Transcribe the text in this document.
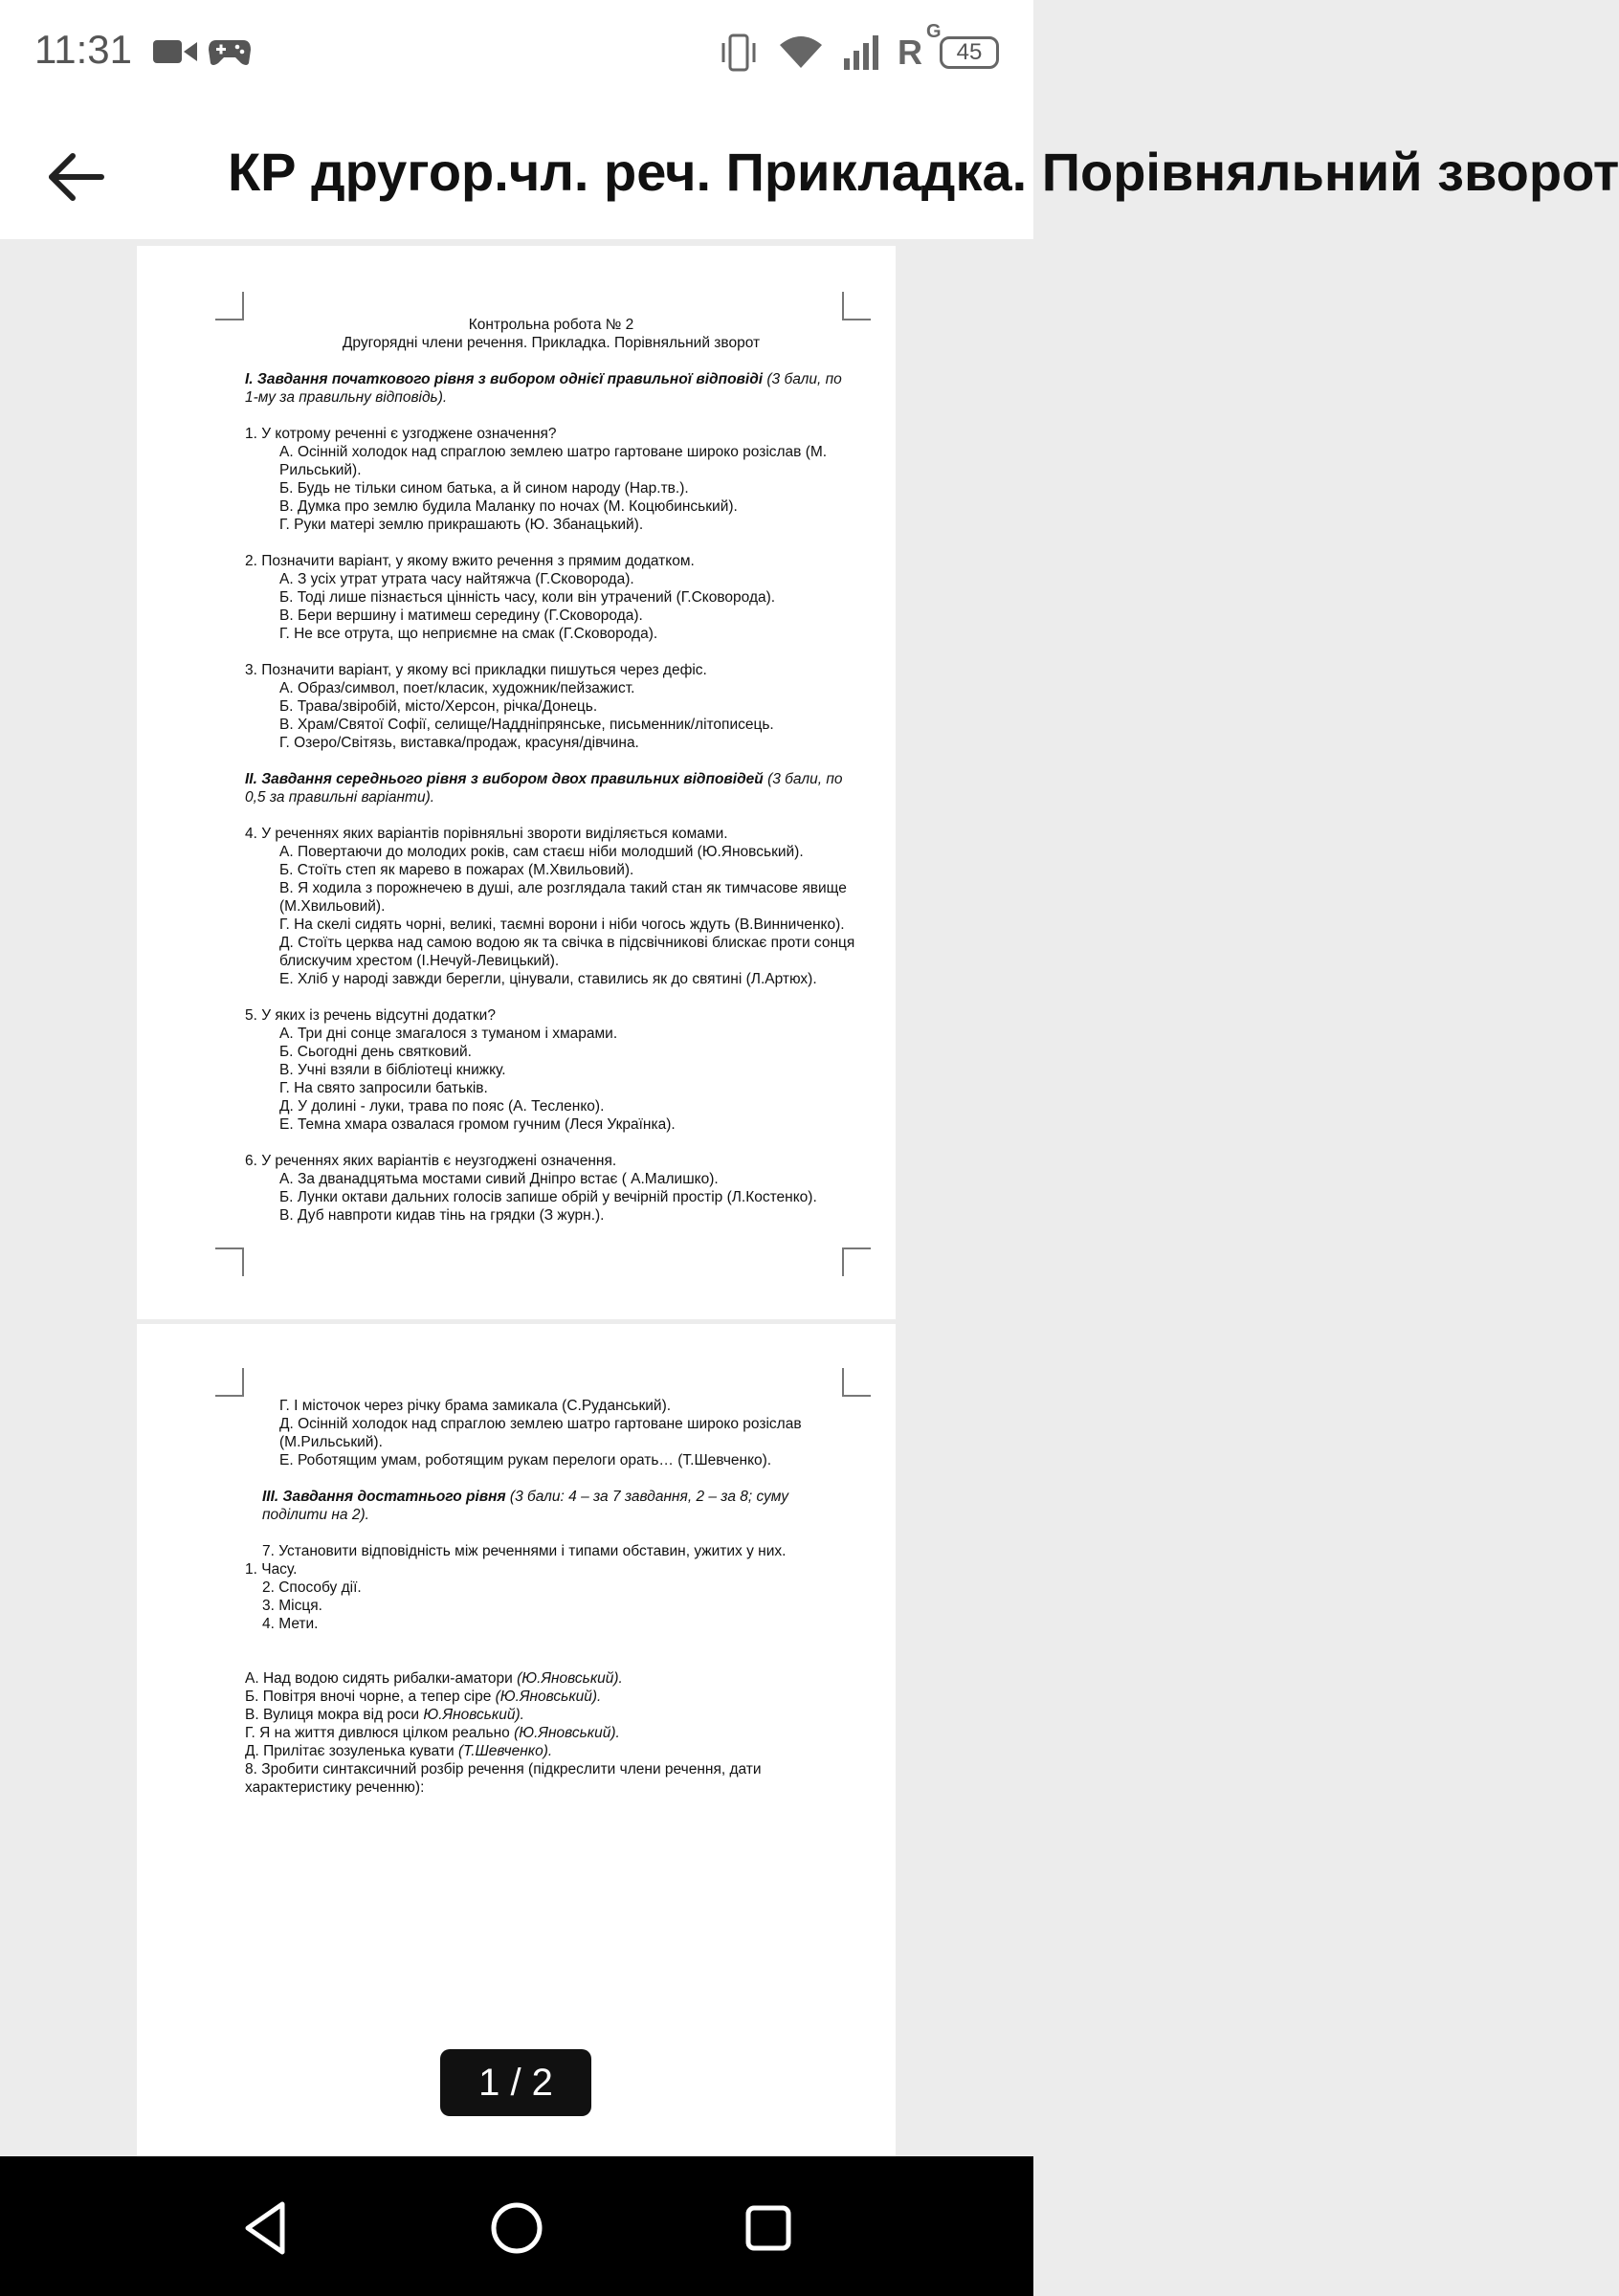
11:31
	R
G
45
КР другор.чл. реч. Прикладка. Порівняльний зворот

Контрольна робота № 2

Другорядні члени речення. Прикладка. Порівняльний зворот

І. Завдання початкового рівня з вибором однієї правильної відповіді (3 бали, по 1-му за правильну відповідь).

1. У котрому реченні є узгоджене означення?

А. Осінній холодок над спраглою землею шатро гартоване широко розіслав (М. Рильський).

Б. Будь не тільки сином батька, а й сином народу (Нар.тв.).

В. Думка про землю будила Маланку по ночах (М. Коцюбинський).

Г. Руки матері землю прикрашають (Ю. Збанацький).

2. Позначити варіант, у якому вжито речення з прямим додатком.

А. З усіх утрат утрата часу найтяжча (Г.Сковорода).

Б. Тоді лише пізнається цінність часу, коли він утрачений (Г.Сковорода).

В. Бери вершину і матимеш середину (Г.Сковорода).

Г. Не все отрута, що неприємне на смак (Г.Сковорода).

3. Позначити варіант, у якому всі прикладки пишуться через дефіс.

А. Образ/символ, поет/класик, художник/пейзажист.

Б. Трава/звіробій, місто/Херсон, річка/Донець.

В. Храм/Святої Софії, селище/Наддніпрянське, письменник/літописець.

Г. Озеро/Світязь, виставка/продаж, красуня/дівчина.

ІІ. Завдання середнього рівня з вибором двох правильних відповідей (3 бали, по 0,5 за правильні варіанти).

4. У реченнях яких варіантів порівняльні звороти виділяється комами.

А. Повертаючи до молодих років, сам стаєш ніби молодший (Ю.Яновський).

Б. Стоїть степ як марево в пожарах (М.Хвильовий).

В. Я ходила з порожнечею в душі, але розглядала такий стан як тимчасове явище (М.Хвильовий).

Г. На скелі сидять чорні, великі, таємні ворони і ніби чогось ждуть (В.Винниченко).

Д. Стоїть церква над самою водою як та свічка в підсвічникові блискає проти сонця блискучим хрестом (І.Нечуй-Левицький).

Е. Хліб у народі завжди берегли, цінували, ставились як до святині (Л.Артюх).

5. У яких із речень відсутні додатки?

А. Три дні сонце змагалося з туманом і хмарами.

Б. Сьогодні день святковий.

В. Учні взяли в бібліотеці книжку.

Г. На свято запросили батьків.

Д. У долині - луки, трава по пояс (А. Тесленко).

Е. Темна хмара озвалася громом гучним (Леся Українка).

6. У реченнях яких варіантів є неузгоджені означення.

А. За дванадцятьма мостами сивий Дніпро встає ( А.Малишко).

Б. Лунки октави дальних голосів запише обрій у вечірній простір (Л.Костенко).

В. Дуб навпроти кидав тінь на грядки (З журн.).

Г. І місточок через річку брама замикала (С.Руданський).

Д. Осінній холодок над спраглою землею шатро гартоване широко розіслав (М.Рильський).

Е. Роботящим умам, роботящим рукам перелоги орать… (Т.Шевченко).

ІІІ. Завдання достатнього рівня (3 бали: 4 – за 7 завдання, 2 – за 8; суму поділити на 2).

7. Установити відповідність між реченнями і типами обставин, ужитих у них.

1. Часу.

2. Способу дії.

3. Місця.

4. Мети.

А. Над водою сидять рибалки-аматори (Ю.Яновський).

Б. Повітря вночі чорне, а тепер сіре (Ю.Яновський).

В. Вулиця мокра від роси Ю.Яновський).

Г. Я на життя дивлюся цілком реально (Ю.Яновський).

Д. Прилітає зозуленька кувати (Т.Шевченко).

8. Зробити синтаксичний розбір речення (підкреслити члени речення, дати характеристику реченню):

1 / 2
